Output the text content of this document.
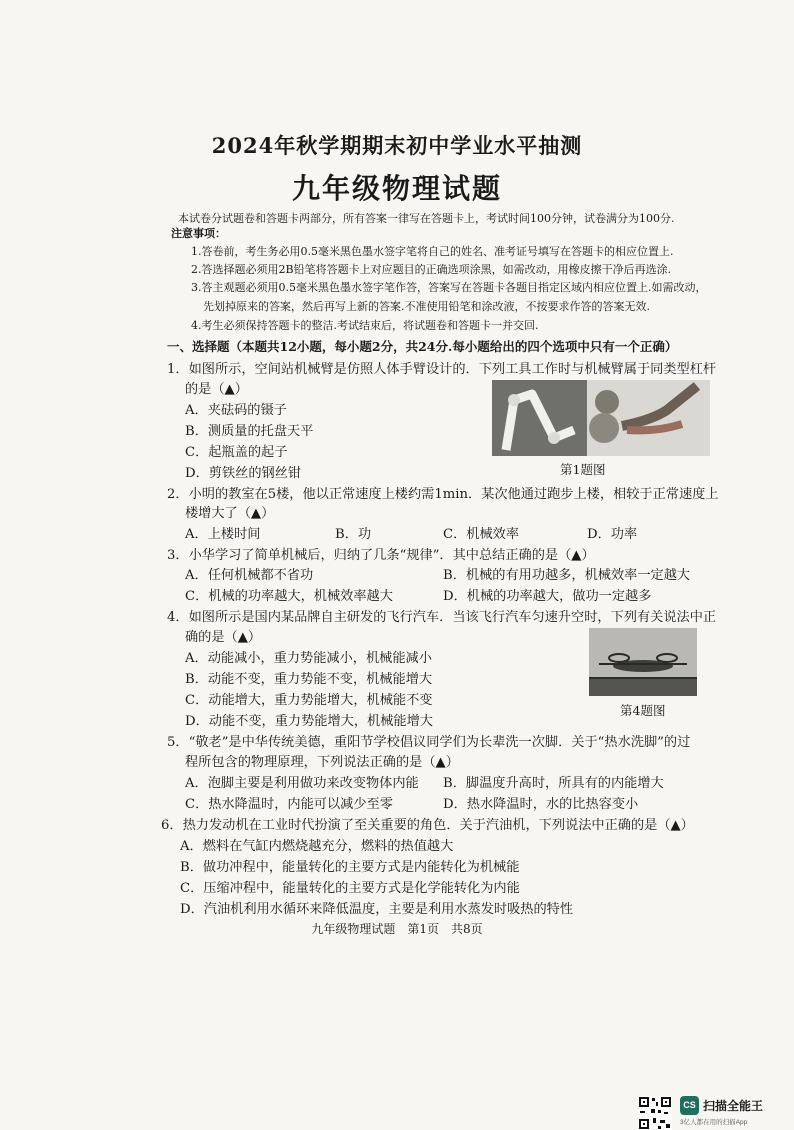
2024年秋学期期末初中学业水平抽测
九年级物理试题
本试卷分试题卷和答题卡两部分，所有答案一律写在答题卡上，考试时间100分钟，试卷满分为100分.
注意事项：
1.答卷前，考生务必用0.5毫米黑色墨水签字笔将自己的姓名、准考证号填写在答题卡的相应位置上.
2.答选择题必须用2B铅笔将答题卡上对应题目的正确选项涂黑，如需改动，用橡皮擦干净后再选涂.
3.答主观题必须用0.5毫米黑色墨水签字笔作答，答案写在答题卡各题目指定区域内相应位置上.如需改动，
先划掉原来的答案，然后再写上新的答案.不准使用铅笔和涂改液，不按要求作答的答案无效.
4.考生必须保持答题卡的整洁.考试结束后，将试题卷和答题卡一并交回.
一、选择题（本题共12小题，每小题2分，共24分.每小题给出的四个选项中只有一个正确）
1．如图所示，空间站机械臂是仿照人体手臂设计的．下列工具工作时与机械臂属于同类型杠杆
的是（▲）
A．夹砝码的镊子
B．测质量的托盘天平
C．起瓶盖的起子
D．剪铁丝的钢丝钳	第1题图
2．小明的教室在5楼，他以正常速度上楼约需1min．某次他通过跑步上楼，相较于正常速度上
楼增大了（▲）
A．上楼时间	B．功	C．机械效率	D．功率
3．小华学习了简单机械后，归纳了几条“规律”．其中总结正确的是（▲）
A．任何机械都不省功	B．机械的有用功越多，机械效率一定越大
C．机械的功率越大，机械效率越大	D．机械的功率越大，做功一定越多
4．如图所示是国内某品牌自主研发的飞行汽车．当该飞行汽车匀速升空时，下列有关说法中正
确的是（▲）
A．动能减小，重力势能减小，机械能减小
B．动能不变，重力势能不变，机械能增大
C．动能增大，重力势能增大，机械能不变
D．动能不变，重力势能增大，机械能增大
第4题图
5．“敬老”是中华传统美德，重阳节学校倡议同学们为长辈洗一次脚．关于“热水洗脚”的过
程所包含的物理原理，下列说法正确的是（▲）
A．泡脚主要是利用做功来改变物体内能 B．脚温度升高时，所具有的内能增大
C．热水降温时，内能可以减少至零	D．热水降温时，水的比热容变小
6．热力发动机在工业时代扮演了至关重要的角色．关于汽油机，下列说法中正确的是（▲）
A．燃料在气缸内燃烧越充分，燃料的热值越大
B．做功冲程中，能量转化的主要方式是内能转化为机械能
C．压缩冲程中，能量转化的主要方式是化学能转化为内能
D．汽油机利用水循环来降低温度，主要是利用水蒸发时吸热的特性
九年级物理试题　第1页　共8页
CS 扫描全能王
3亿人都在用的扫描App
